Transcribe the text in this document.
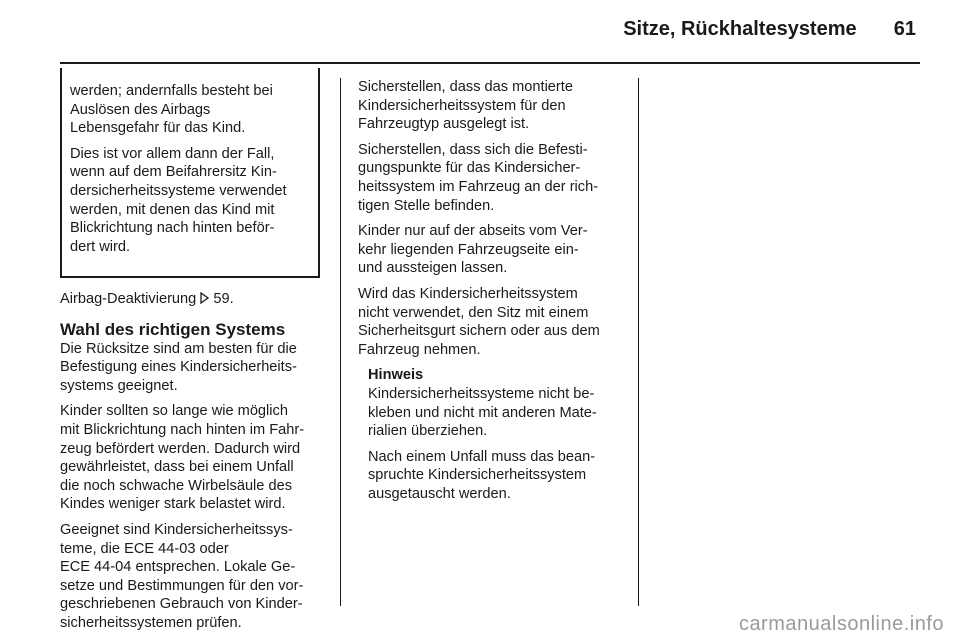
Sitze, Rückhaltesysteme 61

werden; andernfalls besteht bei
Auslösen des Airbags
Lebensgefahr für das Kind.

Dies ist vor allem dann der Fall,
wenn auf dem Beifahrersitz Kin-
dersicherheitssysteme verwendet
werden, mit denen das Kind mit
Blickrichtung nach hinten beför-
dert wird.

Airbag-Deaktivierung 59.

Wahl des richtigen Systems

Die Rücksitze sind am besten für die
Befestigung eines Kindersicherheits-
systems geeignet.

Kinder sollten so lange wie möglich
mit Blickrichtung nach hinten im Fahr-
zeug befördert werden. Dadurch wird
gewährleistet, dass bei einem Unfall
die noch schwache Wirbelsäule des
Kindes weniger stark belastet wird.

Geeignet sind Kindersicherheitssys-
teme, die ECE 44-03 oder
ECE 44-04 entsprechen. Lokale Ge-
setze und Bestimmungen für den vor-
geschriebenen Gebrauch von Kinder-
sicherheitssystemen prüfen.

Sicherstellen, dass das montierte
Kindersicherheitssystem für den
Fahrzeugtyp ausgelegt ist.

Sicherstellen, dass sich die Befesti-
gungspunkte für das Kindersicher-
heitssystem im Fahrzeug an der rich-
tigen Stelle befinden.

Kinder nur auf der abseits vom Ver-
kehr liegenden Fahrzeugseite ein-
und aussteigen lassen.

Wird das Kindersicherheitssystem
nicht verwendet, den Sitz mit einem
Sicherheitsgurt sichern oder aus dem
Fahrzeug nehmen.

Hinweis

Kindersicherheitssysteme nicht be-
kleben und nicht mit anderen Mate-
rialien überziehen.

Nach einem Unfall muss das bean-
spruchte Kindersicherheitssystem
ausgetauscht werden.

carmanualsonline.info
